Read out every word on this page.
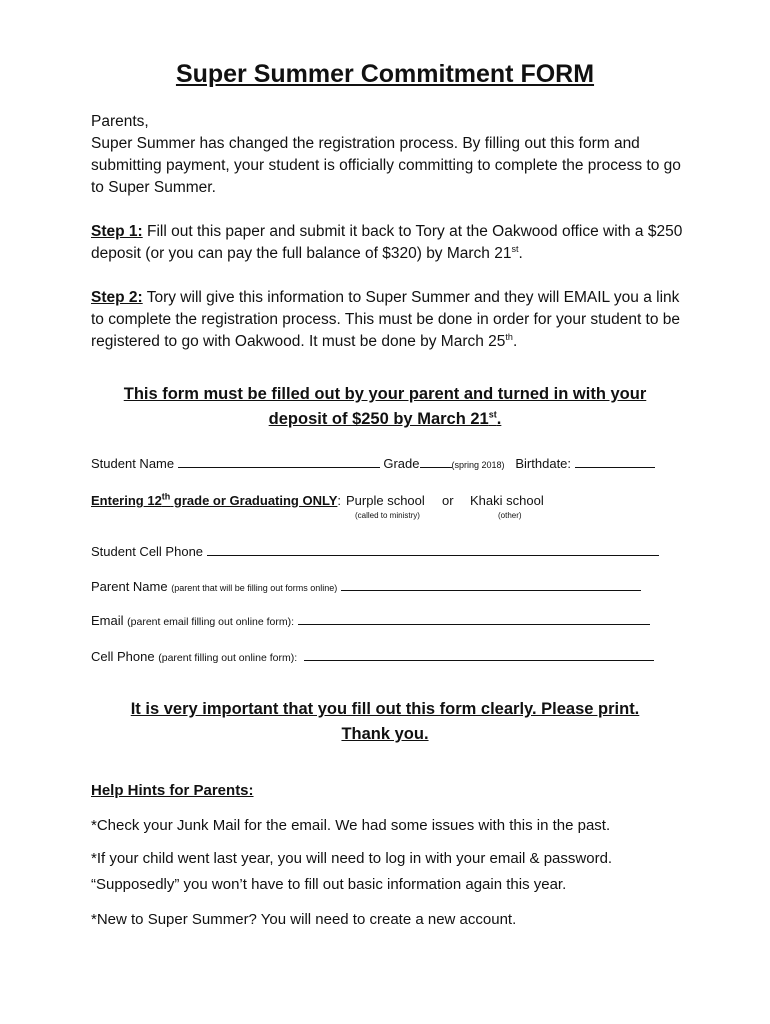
Super Summer Commitment FORM
Parents,
Super Summer has changed the registration process. By filling out this form and submitting payment, your student is officially committing to complete the process to go to Super Summer.
Step 1: Fill out this paper and submit it back to Tory at the Oakwood office with a $250 deposit (or you can pay the full balance of $320) by March 21st.
Step 2: Tory will give this information to Super Summer and they will EMAIL you a link to complete the registration process. This must be done in order for your student to be registered to go with Oakwood. It must be done by March 25th.
This form must be filled out by your parent and turned in with your
deposit of $250 by March 21st.
Student Name	Grade	(spring 2018) Birthdate:
Entering 12th grade or Graduating ONLY: Purple school or Khaki school
(called to ministry)	(other)
Student Cell Phone
Parent Name (parent that will be filling out forms online)
Email (parent email filling out online form):
Cell Phone (parent filling out online form):
It is very important that you fill out this form clearly. Please print.
Thank you.
Help Hints for Parents:
*Check your Junk Mail for the email. We had some issues with this in the past.
*If your child went last year, you will need to log in with your email & password.
“Supposedly” you won’t have to fill out basic information again this year.
*New to Super Summer? You will need to create a new account.
